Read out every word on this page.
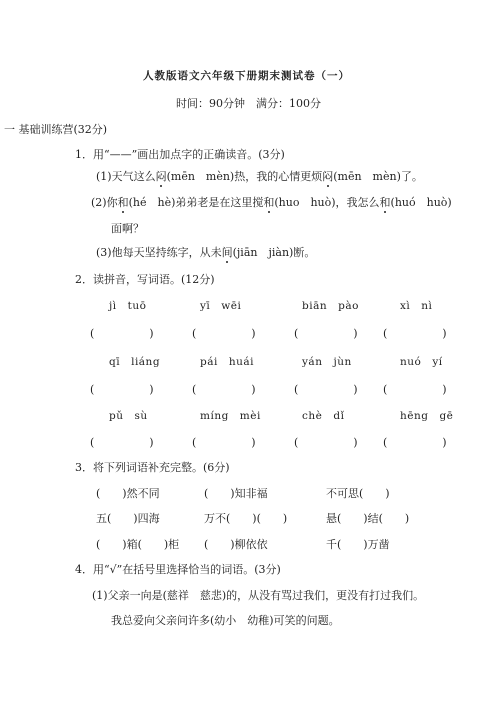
人教版语文六年级下册期末测试卷（一）
时间：90分钟　满分：100分
一 基础训练营(32分)
1．用“——”画出加点字的正确读音。(3分)
(1)天气这么闷(mēn　mèn)热，我的心情更烦闷(mēn　mèn)了。
(2)你和(hé　hè)弟弟老是在这里搅和(huo　huò)，我怎么和(huó　huò)
面啊？
(3)他每天坚持练字，从未间(jiān　jiàn)断。
2．读拼音，写词语。(12分)
jì　tuō	yī　wēi	biān　pào	xì　nì
(　　　　　)	(　　　　　)	(　　　　　)	(　　　　　)
qī　liáng	pái　huái	yán　jùn	nuó　yí
(　　　　　)	(　　　　　)	(　　　　　) (　　　　　)
pǔ　sù	míng　mèi	chè　dǐ	hēng　gē
(　　　　　)	(　　　　　)	(　　　　　) (　　　　　)
3．将下列词语补充完整。(6分)
(　　)然不同	(　　)知非福	不可思(　　)
五(　　)四海	万不(　　)(　　)	悬(　　)结(　　)
(　　)箱(　　)柜 (　　)柳依依	千(　　)万凿
4．用“√”在括号里选择恰当的词语。(3分)
(1)父亲一向是(慈祥　慈悲)的，从没有骂过我们，更没有打过我们。
我总爱向父亲问许多(幼小　幼稚)可笑的问题。
